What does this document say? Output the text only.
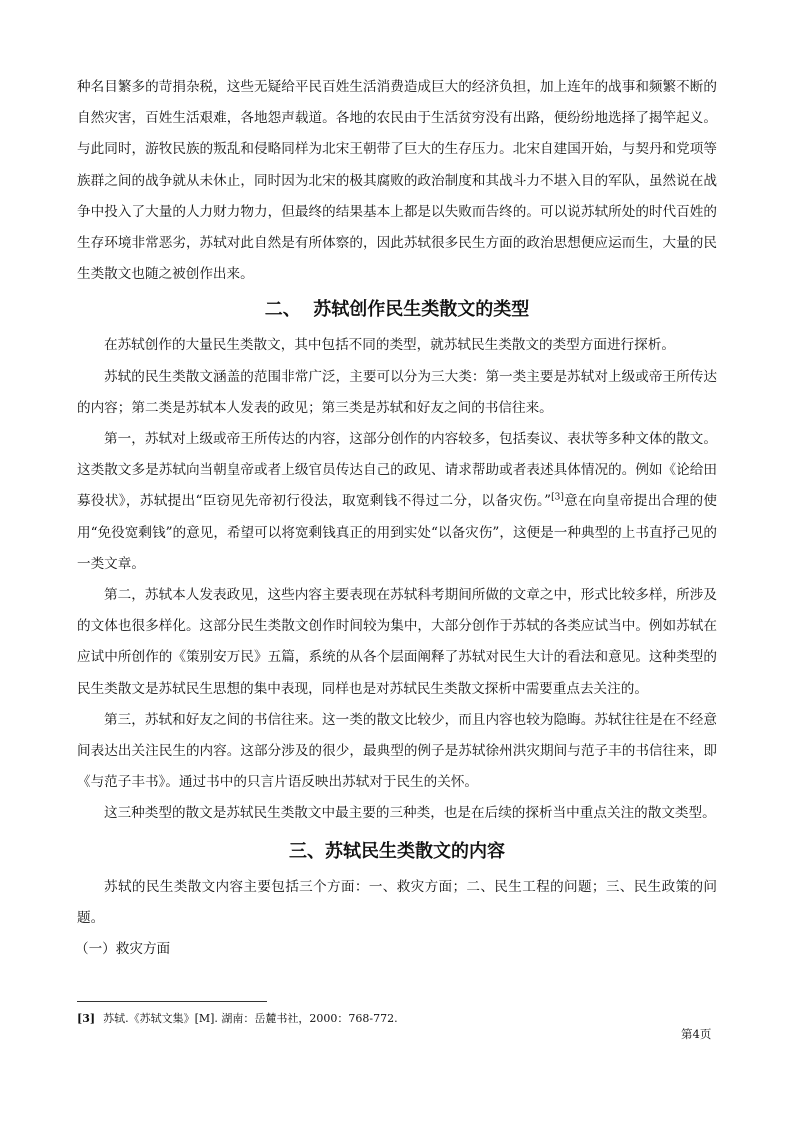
种名目繁多的苛捐杂税，这些无疑给平民百姓生活消费造成巨大的经济负担，加上连年的战事和频繁不断的自然灾害，百姓生活艰难，各地怨声载道。各地的农民由于生活贫穷没有出路，便纷纷地选择了揭竿起义。与此同时，游牧民族的叛乱和侵略同样为北宋王朝带了巨大的生存压力。北宋自建国开始，与契丹和党项等族群之间的战争就从未休止，同时因为北宋的极其腐败的政治制度和其战斗力不堪入目的军队，虽然说在战争中投入了大量的人力财力物力，但最终的结果基本上都是以失败而告终的。可以说苏轼所处的时代百姓的生存环境非常恶劣，苏轼对此自然是有所体察的，因此苏轼很多民生方面的政治思想便应运而生，大量的民生类散文也随之被创作出来。

二、  苏轼创作民生类散文的类型

在苏轼创作的大量民生类散文，其中包括不同的类型，就苏轼民生类散文的类型方面进行探析。

苏轼的民生类散文涵盖的范围非常广泛，主要可以分为三大类：第一类主要是苏轼对上级或帝王所传达的内容；第二类是苏轼本人发表的政见；第三类是苏轼和好友之间的书信往来。

第一，苏轼对上级或帝王所传达的内容，这部分创作的内容较多，包括奏议、表状等多种文体的散文。这类散文多是苏轼向当朝皇帝或者上级官员传达自己的政见、请求帮助或者表述具体情况的。例如《论给田募役状》，苏轼提出“臣窃见先帝初行役法，取宽剩钱不得过二分，以备灾伤。”[3]意在向皇帝提出合理的使用“免役宽剩钱”的意见，希望可以将宽剩钱真正的用到实处“以备灾伤”，这便是一种典型的上书直抒己见的一类文章。

第二，苏轼本人发表政见，这些内容主要表现在苏轼科考期间所做的文章之中，形式比较多样，所涉及的文体也很多样化。这部分民生类散文创作时间较为集中，大部分创作于苏轼的各类应试当中。例如苏轼在应试中所创作的《策别安万民》五篇，系统的从各个层面阐释了苏轼对民生大计的看法和意见。这种类型的民生类散文是苏轼民生思想的集中表现，同样也是对苏轼民生类散文探析中需要重点去关注的。

第三，苏轼和好友之间的书信往来。这一类的散文比较少，而且内容也较为隐晦。苏轼往往是在不经意间表达出关注民生的内容。这部分涉及的很少，最典型的例子是苏轼徐州洪灾期间与范子丰的书信往来，即《与范子丰书》。通过书中的只言片语反映出苏轼对于民生的关怀。

这三种类型的散文是苏轼民生类散文中最主要的三种类，也是在后续的探析当中重点关注的散文类型。

三、苏轼民生类散文的内容

苏轼的民生类散文内容主要包括三个方面：一、救灾方面；二、民生工程的问题；三、民生政策的问题。

（一）救灾方面

[3] 苏轼.《苏轼文集》[M]. 湖南：岳麓书社，2000：768-772.
第4页
